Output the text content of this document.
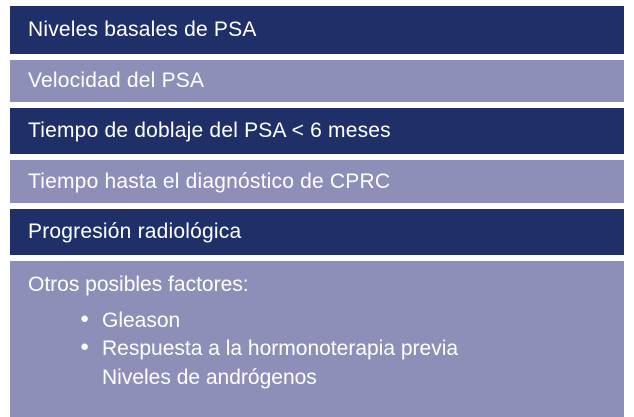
Niveles basales de PSA
Velocidad del PSA
Tiempo de doblaje del PSA < 6 meses
Tiempo hasta el diagnóstico de CPRC
Progresión radiológica
Otros posibles factores:
● Gleason
● Respuesta a la hormonoterapia previa
Niveles de andrógenos
